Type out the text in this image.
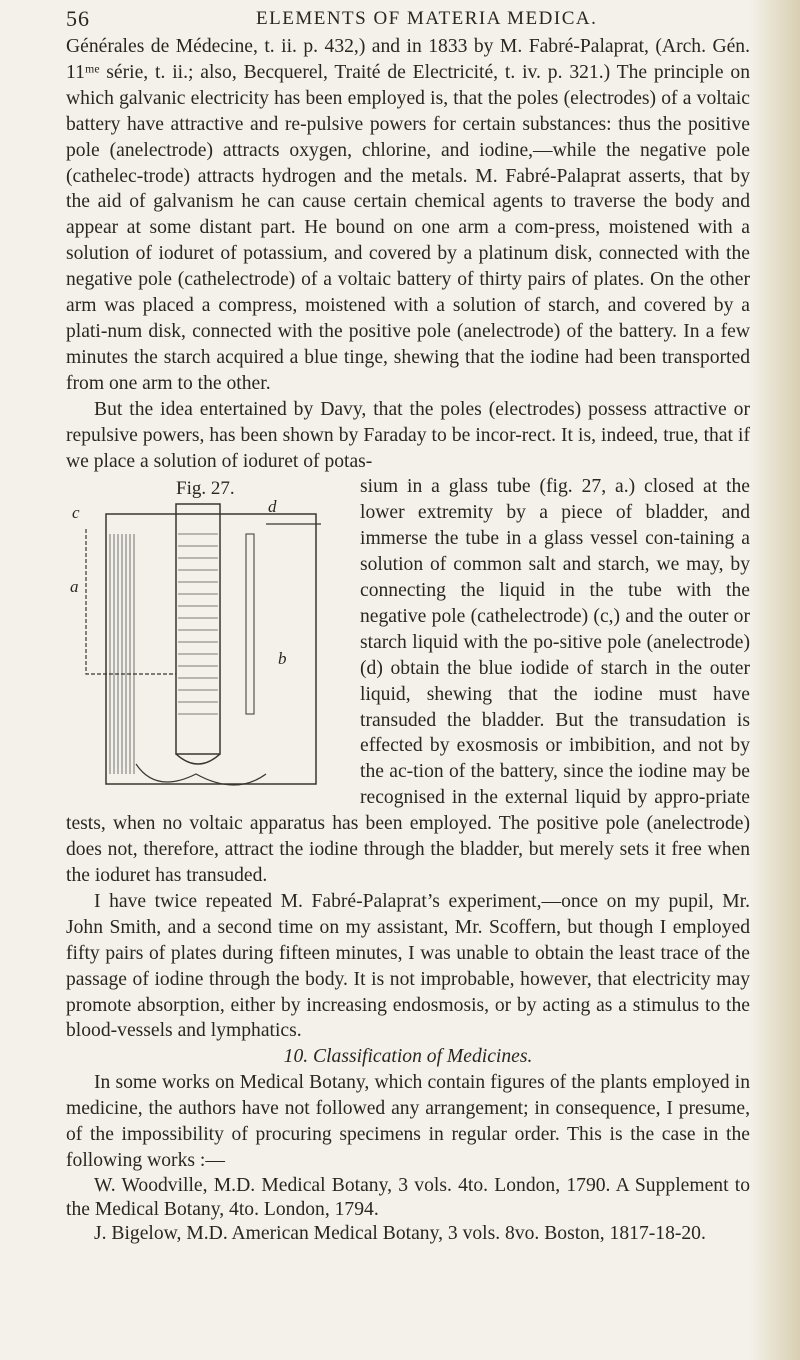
56	ELEMENTS OF MATERIA MEDICA.

Générales de Médecine, t. ii. p. 432,) and in 1833 by M. Fabré-Palaprat, (Arch. Gén. 11ᵐᵉ série, t. ii.; also, Becquerel, Traité de Electricité, t. iv. p. 321.) The principle on which galvanic electricity has been employed is, that the poles (electrodes) of a voltaic battery have attractive and re-pulsive powers for certain substances: thus the positive pole (anelectrode) attracts oxygen, chlorine, and iodine,—while the negative pole (cathelec-trode) attracts hydrogen and the metals. M. Fabré-Palaprat asserts, that by the aid of galvanism he can cause certain chemical agents to traverse the body and appear at some distant part. He bound on one arm a com-press, moistened with a solution of ioduret of potassium, and covered by a platinum disk, connected with the negative pole (cathelectrode) of a voltaic battery of thirty pairs of plates. On the other arm was placed a compress, moistened with a solution of starch, and covered by a plati-num disk, connected with the positive pole (anelectrode) of the battery. In a few minutes the starch acquired a blue tinge, shewing that the iodine had been transported from one arm to the other.

But the idea entertained by Davy, that the poles (electrodes) possess attractive or repulsive powers, has been shown by Faraday to be incor-rect. It is, indeed, true, that if we place a solution of ioduret of potas-

Fig. 27.
c	d
a
b

sium in a glass tube (fig. 27, a.) closed at the lower extremity by a piece of bladder, and immerse the tube in a glass vessel con-taining a solution of common salt and starch, we may, by connecting the liquid in the tube with the negative pole (cathelectrode) (c,) and the outer or starch liquid with the po-sitive pole (anelectrode) (d) obtain the blue iodide of starch in the outer liquid, shewing that the iodine must have transuded the bladder. But the transudation is effected by exosmosis or imbibition, and not by the ac-tion of the battery, since the iodine may be recognised in the external liquid by appro-priate tests, when no voltaic apparatus has been employed. The positive pole (anelectrode) does not, therefore, attract the iodine through the bladder, but merely sets it free when the ioduret has transuded.

I have twice repeated M. Fabré-Palaprat’s experiment,—once on my pupil, Mr. John Smith, and a second time on my assistant, Mr. Scoffern, but though I employed fifty pairs of plates during fifteen minutes, I was unable to obtain the least trace of the passage of iodine through the body. It is not improbable, however, that electricity may promote absorption, either by increasing endosmosis, or by acting as a stimulus to the blood-vessels and lymphatics.

10. Classification of Medicines.

In some works on Medical Botany, which contain figures of the plants employed in medicine, the authors have not followed any arrangement; in consequence, I presume, of the impossibility of procuring specimens in regular order. This is the case in the following works :—

W. Woodville, M.D. Medical Botany, 3 vols. 4to. London, 1790. A Supplement to the Medical Botany, 4to. London, 1794.

J. Bigelow, M.D. American Medical Botany, 3 vols. 8vo. Boston, 1817-18-20.
